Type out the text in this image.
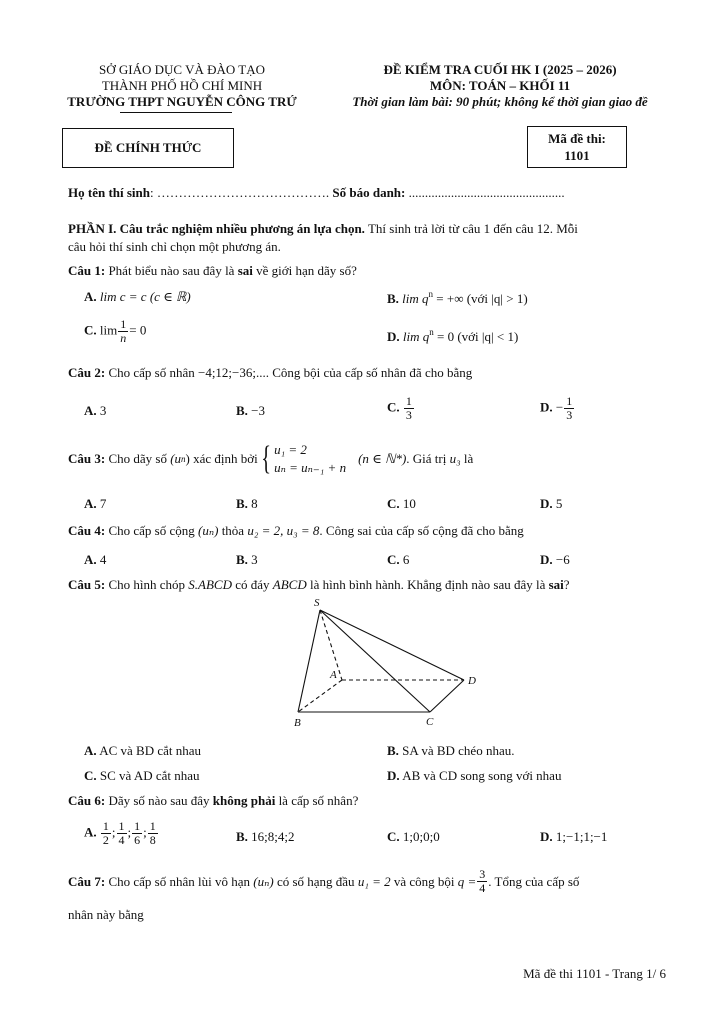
SỞ GIÁO DỤC VÀ ĐÀO TẠO
THÀNH PHỐ HỒ CHÍ MINH
TRƯỜNG THPT NGUYỄN CÔNG TRỨ
ĐỀ KIỂM TRA CUỐI HK I (2025 – 2026)
MÔN: TOÁN – KHỐI 11
Thời gian làm bài: 90 phút; không kể thời gian giao đề
ĐỀ CHÍNH THỨC
Mã đề thi:
1101
Họ tên thí sinh: …………………………………. Số báo danh: ................................................
PHẦN I. Câu trắc nghiệm nhiều phương án lựa chọn. Thí sinh trả lời từ câu 1 đến câu 12. Mỗi
câu hỏi thí sinh chỉ chọn một phương án.
Câu 1: Phát biểu nào sau đây là sai về giới hạn dãy số?
A. lim c = c (c ∈ ℝ)	B. $\lim q^n$ = +∞ (với |q| > 1)
C. $\lim \frac{1}{n} = 0$	D. $\lim q^n = 0$ (với |q| < 1)
Câu 2: Cho cấp số nhân −4;12;−36;.... Công bội của cấp số nhân đã cho bằng
A. 3	B. −3	C. $\frac{1}{3}$	D. − $\frac{1}{3}$
Câu 3: Cho dãy số (u n ) xác định bởi { u₁ = 2
uₙ = uₙ₋₁ + n
(n ∈ ℕ*) . Giá trị u₃ là
A. 7	B. 8	C. 10	D. 5
Câu 4: Cho cấp số cộng (uₙ) thỏa u₂ = 2, u₃ = 8. Công sai của cấp số cộng đã cho bằng
A. 4	B. 3	C. 6	D. −6
Câu 5: Cho hình chóp S.ABCD có đáy ABCD là hình bình hành. Khẳng định nào sau đây là sai?
S
A
B	C
D
A. AC và BD cắt nhau	B. SA và BD chéo nhau.
C. SC và AD cắt nhau	D. AB và CD song song với nhau
Câu 6: Dãy số nào sau đây không phải là cấp số nhân?
A. $\frac{1}{2}$ ; $\frac{1}{4}$ ; $\frac{1}{6}$ ; $\frac{1}{8}$	B. 16;8;4;2	C. 1;0;0;0	D. 1;−1;1;−1
Câu 7: Cho cấp số nhân lùi vô hạn (uₙ) có số hạng đầu u₁ = 2 và công bội $q = \frac{3}{4}$ . Tổng của cấp số
nhân này bằng
Mã đề thi 1101 - Trang 1/ 6
